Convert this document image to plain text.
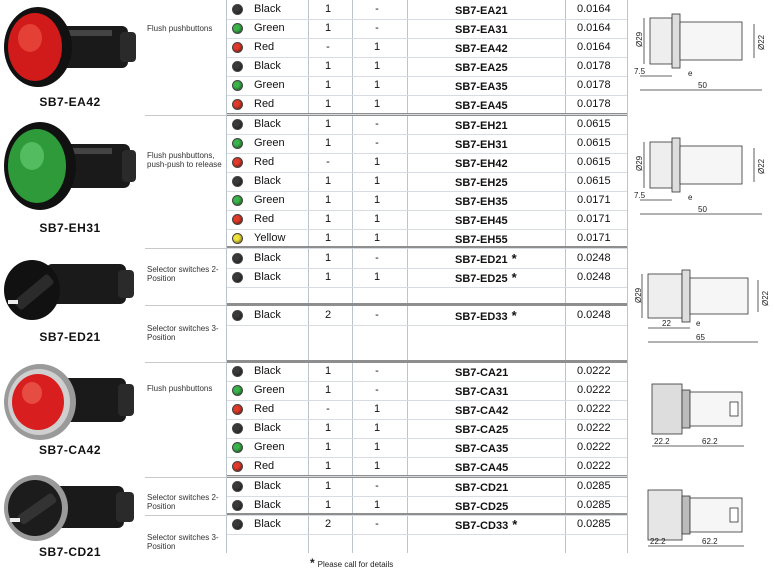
SB7-EA42
SB7-EH31
SB7-ED21
SB7-CA42
SB7-CD21
Flush pushbuttons
Flush pushbuttons, push-push to release
Selector switches 2-Position
Selector switches 3-Position
Flush pushbuttons
Selector switches 2-Position
Selector switches 3-Position
Black	1	-	SB7-EA21	0.0164
Green	1	-	SB7-EA31	0.0164
Red	-	1	SB7-EA42	0.0164
Black	1	1	SB7-EA25	0.0178
Green	1	1	SB7-EA35	0.0178
Red	1	1	SB7-EA45	0.0178
Black	1	-	SB7-EH21	0.0615
Green	1	-	SB7-EH31	0.0615
Red	-	1	SB7-EH42	0.0615
Black	1	1	SB7-EH25	0.0615
Green	1	1	SB7-EH35	0.0171
Red	1	1	SB7-EH45	0.0171
Yellow	1	1	SB7-EH55	0.0171
Black	1	-	SB7-ED21 *	0.0248
Black	1	1	SB7-ED25 *	0.0248
Black	2	-	SB7-ED33 *	0.0248
Black	1	-	SB7-CA21	0.0222
Green	1	-	SB7-CA31	0.0222
Red	-	1	SB7-CA42	0.0222
Black	1	1	SB7-CA25	0.0222
Green	1	1	SB7-CA35	0.0222
Red	1	1	SB7-CA45	0.0222
Black	1	-	SB7-CD21	0.0285
Black	1	1	SB7-CD25	0.0285
Black	2	-	SB7-CD33 *	0.0285
Ø29	Ø22
7.5	e
50
Ø29	Ø22
7.5	e
50
Ø29	Ø22
22	e
65
22.2	62.2
22.2	62.2
* Please call for details
